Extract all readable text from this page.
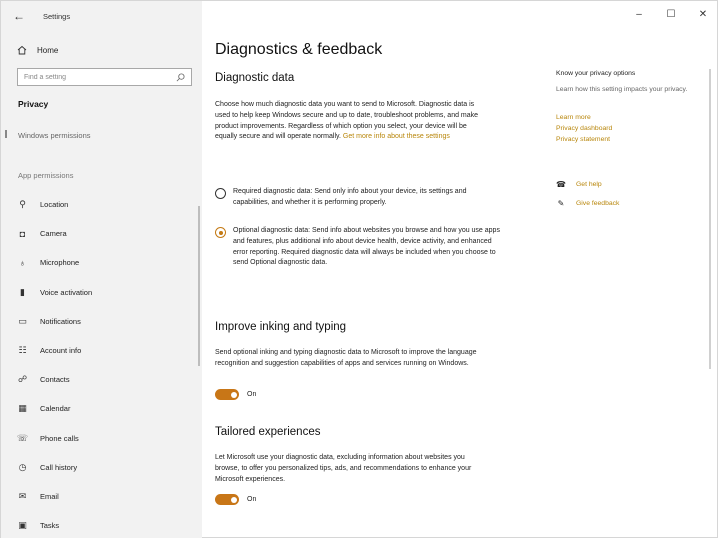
← Settings
Home
Find a setting
Privacy
Windows permissions
App permissions
⚲ Location
◘	Camera
♁ Microphone
▮	Voice activation
▭ Notifications
☷ Account info
☍ Contacts
▦ Calendar
☏ Phone calls
◷ Call history
✉ Email
▣ Tasks
–	☐ ✕
Diagnostics & feedback
Diagnostic data
Choose how much diagnostic data you want to send to Microsoft. Diagnostic data is used to help keep Windows secure and up to date, troubleshoot problems, and make product improvements. Regardless of which option you select, your device will be equally secure and will operate normally. Get more info about these settings
Required diagnostic data: Send only info about your device, its settings and capabilities, and whether it is performing properly.
Optional diagnostic data: Send info about websites you browse and how you use apps and features, plus additional info about device health, device activity, and enhanced error reporting. Required diagnostic data will always be included when you choose to send Optional diagnostic data.
Improve inking and typing
Send optional inking and typing diagnostic data to Microsoft to improve the language recognition and suggestion capabilities of apps and services running on Windows.
On
Tailored experiences
Let Microsoft use your diagnostic data, excluding information about websites you browse, to offer you personalized tips, ads, and recommendations to enhance your Microsoft experiences.
On
Know your privacy options
Learn how this setting impacts your privacy.
Learn more
Privacy dashboard
Privacy statement
☎ Get help
✎ Give feedback
